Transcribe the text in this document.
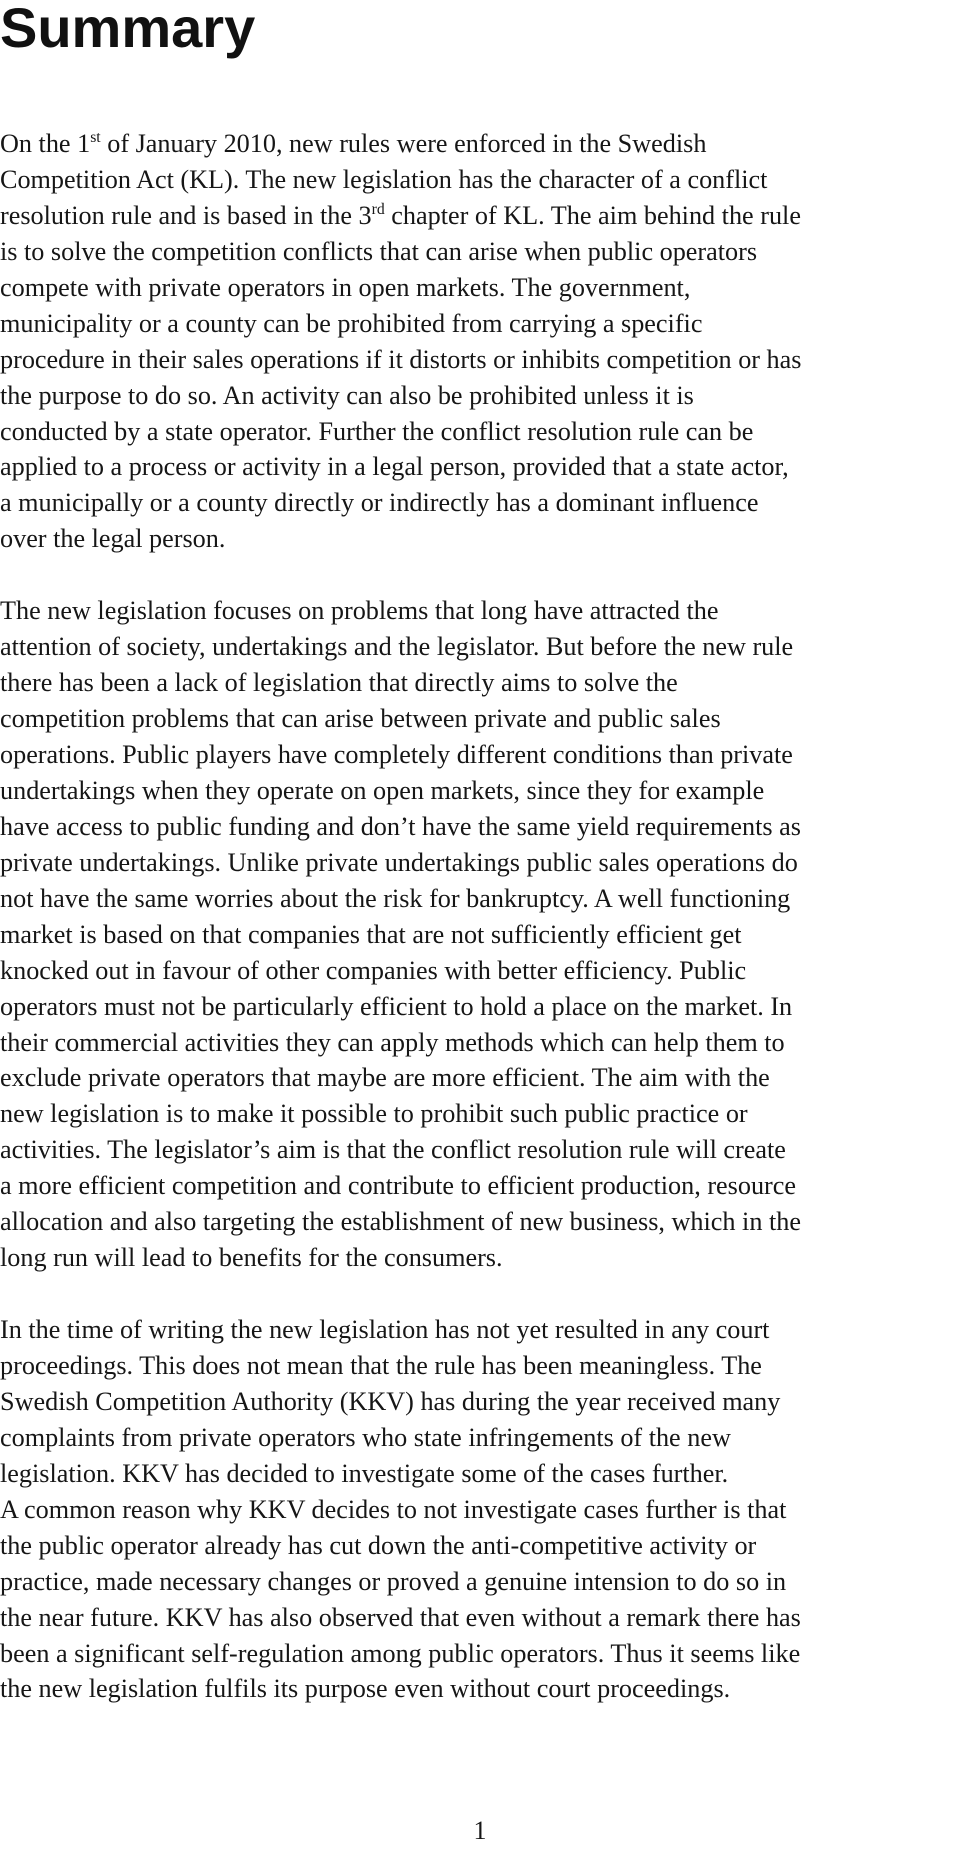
Summary
On the 1st of January 2010, new rules were enforced in the Swedish
Competition Act (KL). The new legislation has the character of a conflict
resolution rule and is based in the 3rd chapter of KL. The aim behind the rule
is to solve the competition conflicts that can arise when public operators
compete with private operators in open markets. The government,
municipality or a county can be prohibited from carrying a specific
procedure in their sales operations if it distorts or inhibits competition or has
the purpose to do so. An activity can also be prohibited unless it is
conducted by a state operator. Further the conflict resolution rule can be
applied to a process or activity in a legal person, provided that a state actor,
a municipally or a county directly or indirectly has a dominant influence
over the legal person.
The new legislation focuses on problems that long have attracted the
attention of society, undertakings and the legislator. But before the new rule
there has been a lack of legislation that directly aims to solve the
competition problems that can arise between private and public sales
operations. Public players have completely different conditions than private
undertakings when they operate on open markets, since they for example
have access to public funding and don’t have the same yield requirements as
private undertakings. Unlike private undertakings public sales operations do
not have the same worries about the risk for bankruptcy. A well functioning
market is based on that companies that are not sufficiently efficient get
knocked out in favour of other companies with better efficiency. Public
operators must not be particularly efficient to hold a place on the market. In
their commercial activities they can apply methods which can help them to
exclude private operators that maybe are more efficient. The aim with the
new legislation is to make it possible to prohibit such public practice or
activities. The legislator’s aim is that the conflict resolution rule will create
a more efficient competition and contribute to efficient production, resource
allocation and also targeting the establishment of new business, which in the
long run will lead to benefits for the consumers.
In the time of writing the new legislation has not yet resulted in any court
proceedings. This does not mean that the rule has been meaningless. The
Swedish Competition Authority (KKV) has during the year received many
complaints from private operators who state infringements of the new
legislation. KKV has decided to investigate some of the cases further.
A common reason why KKV decides to not investigate cases further is that
the public operator already has cut down the anti-competitive activity or
practice, made necessary changes or proved a genuine intension to do so in
the near future. KKV has also observed that even without a remark there has
been a significant self-regulation among public operators. Thus it seems like
the new legislation fulfils its purpose even without court proceedings.
1
